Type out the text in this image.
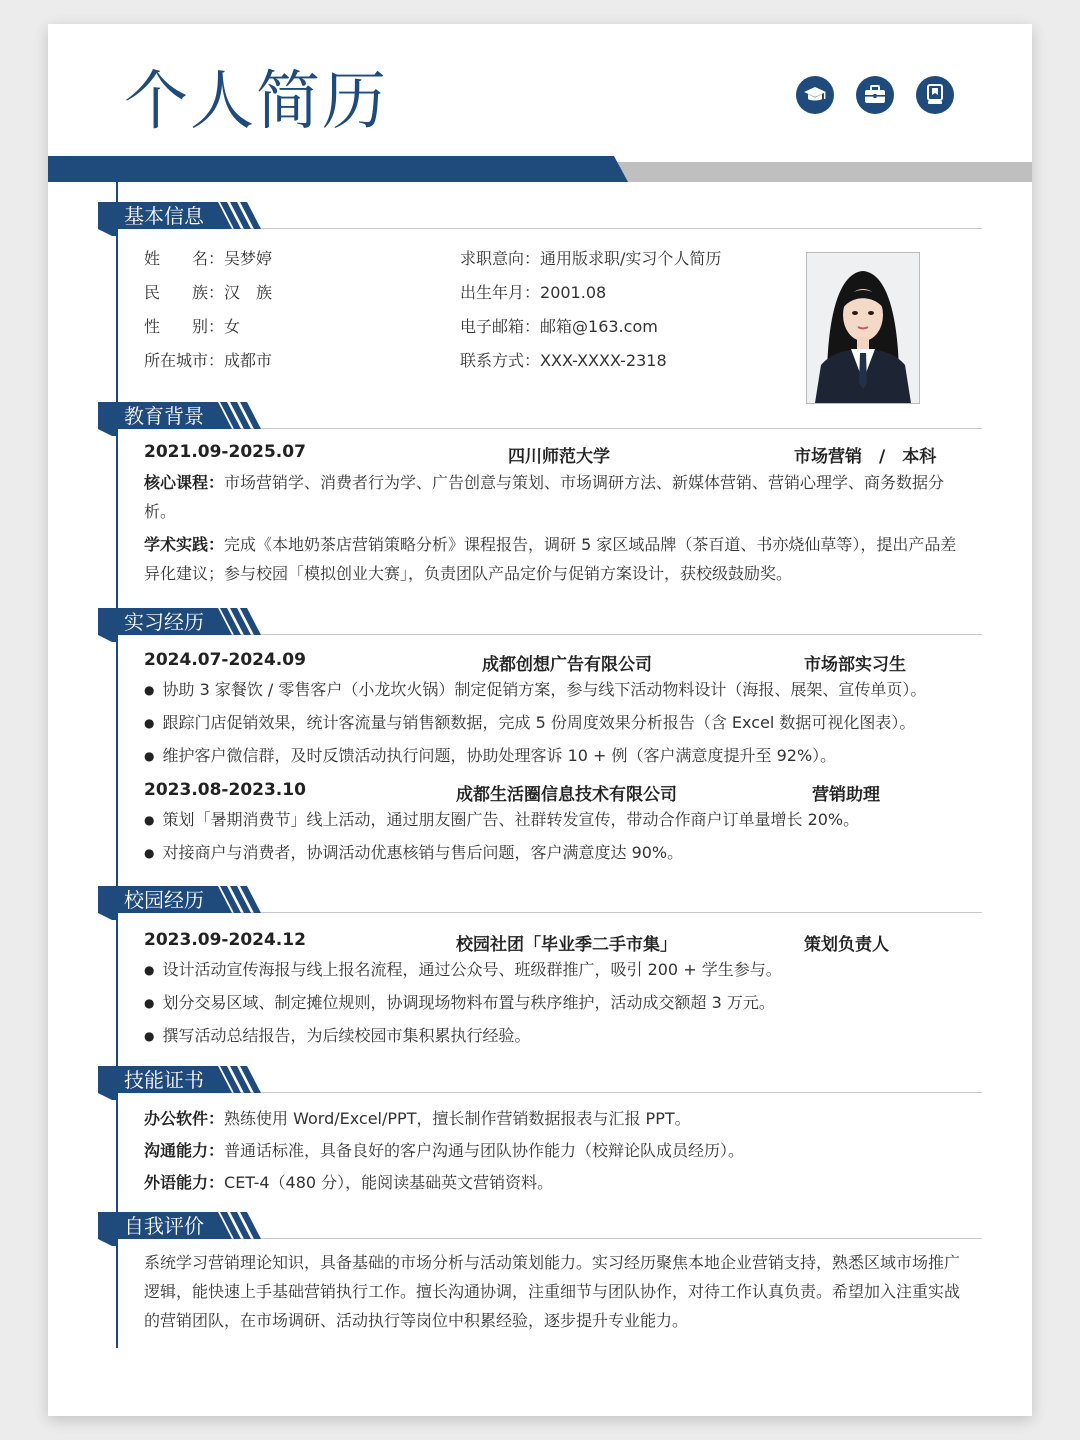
个人简历
基本信息
姓　　名：吴梦婷
民　　族：汉　族
性　　别：女
所在城市：成都市
求职意向：通用版求职/实习个人简历
出生年月：2001.08
电子邮箱：邮箱@163.com
联系方式：XXX-XXXX-2318
教育背景
2021.09-2025.07	四川师范大学	市场营销　/　本科
核心课程：市场营销学、消费者行为学、广告创意与策划、市场调研方法、新媒体营销、营销心理学、商务数据分析。
学术实践：完成《本地奶茶店营销策略分析》课程报告，调研 5 家区域品牌（茶百道、书亦烧仙草等），提出产品差异化建议；参与校园「模拟创业大赛」，负责团队产品定价与促销方案设计，获校级鼓励奖。
实习经历
2024.07-2024.09	成都创想广告有限公司	市场部实习生
● 协助 3 家餐饮 / 零售客户（小龙坎火锅）制定促销方案，参与线下活动物料设计（海报、展架、宣传单页）。
● 跟踪门店促销效果，统计客流量与销售额数据，完成 5 份周度效果分析报告（含 Excel 数据可视化图表）。
● 维护客户微信群，及时反馈活动执行问题，协助处理客诉 10 + 例（客户满意度提升至 92%）。
2023.08-2023.10	成都生活圈信息技术有限公司	营销助理
● 策划「暑期消费节」线上活动，通过朋友圈广告、社群转发宣传，带动合作商户订单量增长 20%。
● 对接商户与消费者，协调活动优惠核销与售后问题，客户满意度达 90%。
校园经历
2023.09-2024.12	校园社团「毕业季二手市集」	策划负责人
● 设计活动宣传海报与线上报名流程，通过公众号、班级群推广，吸引 200 + 学生参与。
● 划分交易区域、制定摊位规则，协调现场物料布置与秩序维护，活动成交额超 3 万元。
● 撰写活动总结报告，为后续校园市集积累执行经验。
技能证书
办公软件：熟练使用 Word/Excel/PPT，擅长制作营销数据报表与汇报 PPT。
沟通能力：普通话标准，具备良好的客户沟通与团队协作能力（校辩论队成员经历）。
外语能力：CET-4（480 分），能阅读基础英文营销资料。
自我评价
系统学习营销理论知识，具备基础的市场分析与活动策划能力。实习经历聚焦本地企业营销支持，熟悉区域市场推广逻辑，能快速上手基础营销执行工作。擅长沟通协调，注重细节与团队协作，对待工作认真负责。希望加入注重实战的营销团队，在市场调研、活动执行等岗位中积累经验，逐步提升专业能力。
